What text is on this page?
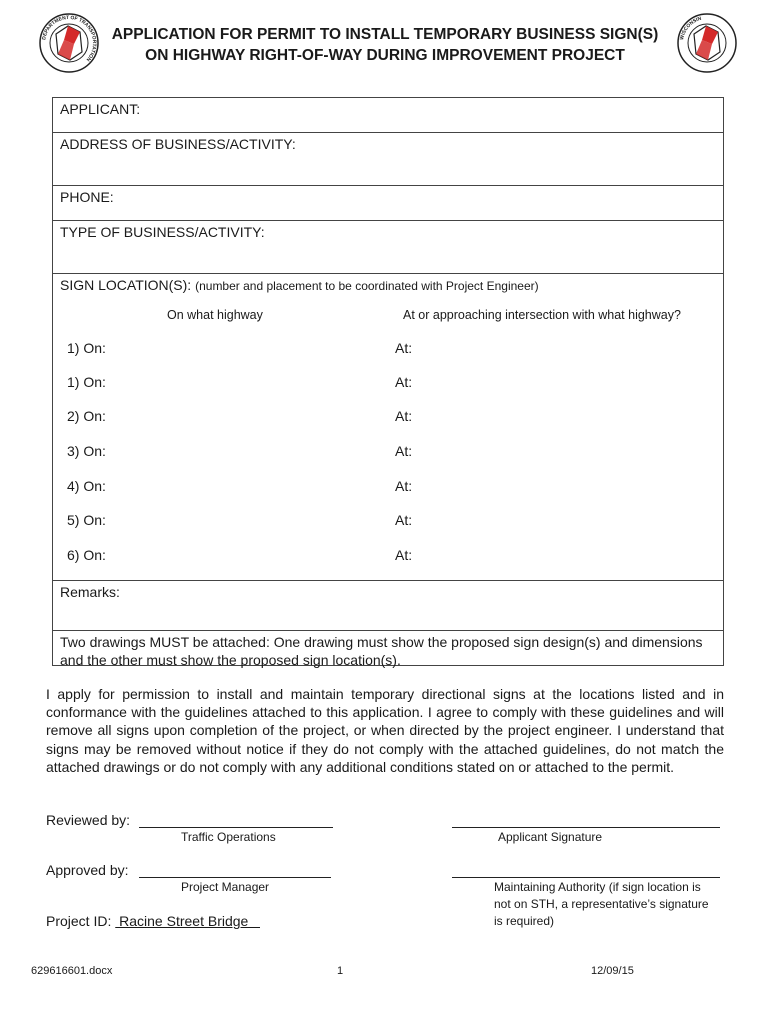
DEPARTMENT OF TRANSPORTATION
WISCONSIN
APPLICATION FOR PERMIT TO INSTALL TEMPORARY BUSINESS SIGN(S) ON HIGHWAY RIGHT-OF-WAY DURING IMPROVEMENT PROJECT
APPLICANT:
ADDRESS OF BUSINESS/ACTIVITY:
PHONE:
TYPE OF BUSINESS/ACTIVITY:
SIGN LOCATION(S): (number and placement to be coordinated with Project Engineer)
On what highway	At or approaching intersection with what highway?
1) On:	At:
1) On:	At:
2) On:	At:
3) On:	At:
4) On:	At:
5) On:	At:
6) On:	At:
Remarks:
Two drawings MUST be attached: One drawing must show the proposed sign design(s) and dimensions and the other must show the proposed sign location(s).
I apply for permission to install and maintain temporary directional signs at the locations listed and in conformance with the guidelines attached to this application. I agree to comply with these guidelines and will remove all signs upon completion of the project, or when directed by the project engineer. I understand that signs may be removed without notice if they do not comply with the attached guidelines, do not match the attached drawings or do not comply with any additional conditions stated on or attached to the permit.
Reviewed by:
Traffic Operations	Applicant Signature
Approved by:
Project Manager	Maintaining Authority (if sign location is not on STH, a representative’s signature is required)
Project ID:  Racine Street Bridge
629616601.docx	1	12/09/15
